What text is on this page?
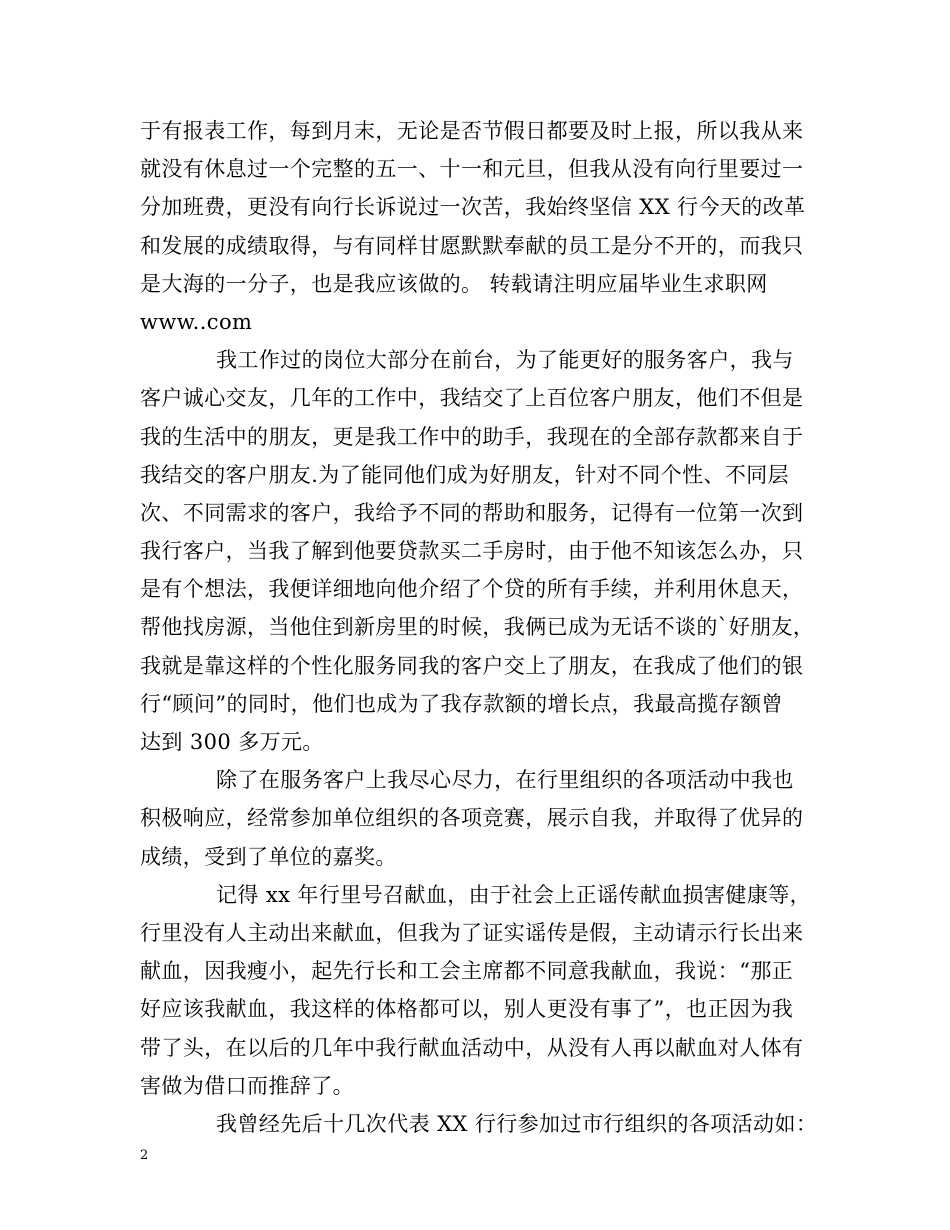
于有报表工作，每到月末，无论是否节假日都要及时上报，所以我从来
就没有休息过一个完整的五一、十一和元旦，但我从没有向行里要过一
分加班费，更没有向行长诉说过一次苦，我始终坚信 XX 行今天的改革
和发展的成绩取得，与有同样甘愿默默奉献的员工是分不开的，而我只
是大海的一分子，也是我应该做的。 转载请注明应届毕业生求职网
www..com
我工作过的岗位大部分在前台，为了能更好的服务客户，我与
客户诚心交友，几年的工作中，我结交了上百位客户朋友，他们不但是
我的生活中的朋友，更是我工作中的助手，我现在的全部存款都来自于
我结交的客户朋友.为了能同他们成为好朋友，针对不同个性、不同层
次、不同需求的客户，我给予不同的帮助和服务，记得有一位第一次到
我行客户，当我了解到他要贷款买二手房时，由于他不知该怎么办，只
是有个想法，我便详细地向他介绍了个贷的所有手续，并利用休息天，
帮他找房源，当他住到新房里的时候，我俩已成为无话不谈的`好朋友，
我就是靠这样的个性化服务同我的客户交上了朋友，在我成了他们的银
行“顾问”的同时，他们也成为了我存款额的增长点，我最高揽存额曾
达到 300 多万元。
除了在服务客户上我尽心尽力，在行里组织的各项活动中我也
积极响应，经常参加单位组织的各项竞赛，展示自我，并取得了优异的
成绩，受到了单位的嘉奖。
记得 xx 年行里号召献血，由于社会上正谣传献血损害健康等，
行里没有人主动出来献血，但我为了证实谣传是假，主动请示行长出来
献血，因我瘦小，起先行长和工会主席都不同意我献血，我说：“那正
好应该我献血，我这样的体格都可以，别人更没有事了”，也正因为我
带了头，在以后的几年中我行献血活动中，从没有人再以献血对人体有
害做为借口而推辞了。
我曾经先后十几次代表 XX 行行参加过市行组织的各项活动如：
2
